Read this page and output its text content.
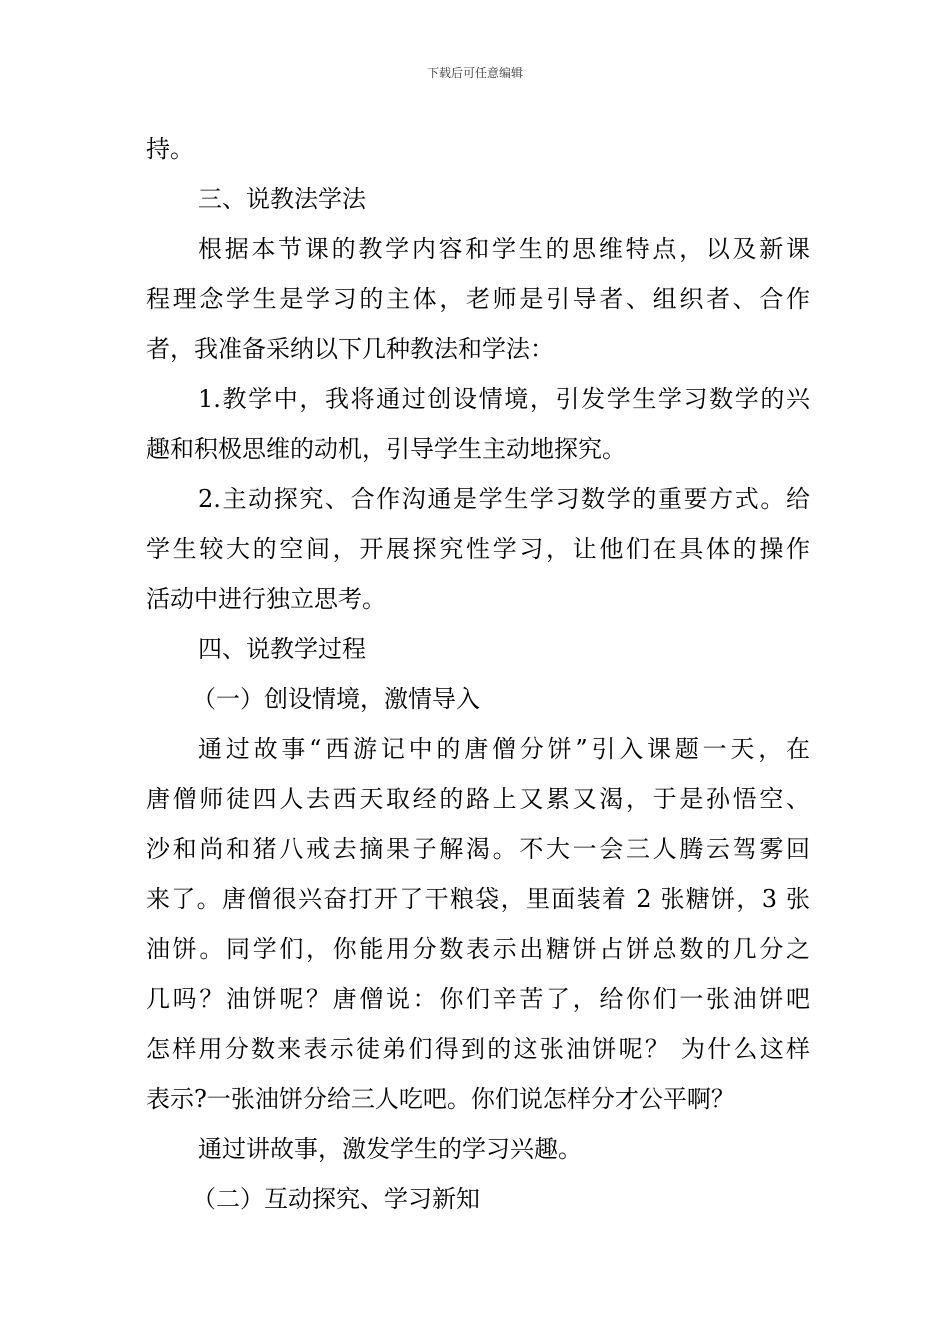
下载后可任意编辑
持。
三、说教法学法
根据本节课的教学内容和学生的思维特点，以及新课
程理念学生是学习的主体，老师是引导者、组织者、合作
者，我准备采纳以下几种教法和学法：
1.教学中，我将通过创设情境，引发学生学习数学的兴
趣和积极思维的动机，引导学生主动地探究。
2.主动探究、合作沟通是学生学习数学的重要方式。给
学生较大的空间，开展探究性学习，让他们在具体的操作
活动中进行独立思考。
四、说教学过程
（一）创设情境，激情导入
通过故事“西游记中的唐僧分饼”引入课题一天，在
唐僧师徒四人去西天取经的路上又累又渴，于是孙悟空、
沙和尚和猪八戒去摘果子解渴。不大一会三人腾云驾雾回
来了。唐僧很兴奋打开了干粮袋，里面装着 2 张糖饼，3 张
油饼。同学们，你能用分数表示出糖饼占饼总数的几分之
几吗？油饼呢？唐僧说：你们辛苦了，给你们一张油饼吧
怎样用分数来表示徒弟们得到的这张油饼呢？ 为什么这样
表示?一张油饼分给三人吃吧。你们说怎样分才公平啊？
通过讲故事，激发学生的学习兴趣。
（二）互动探究、学习新知
